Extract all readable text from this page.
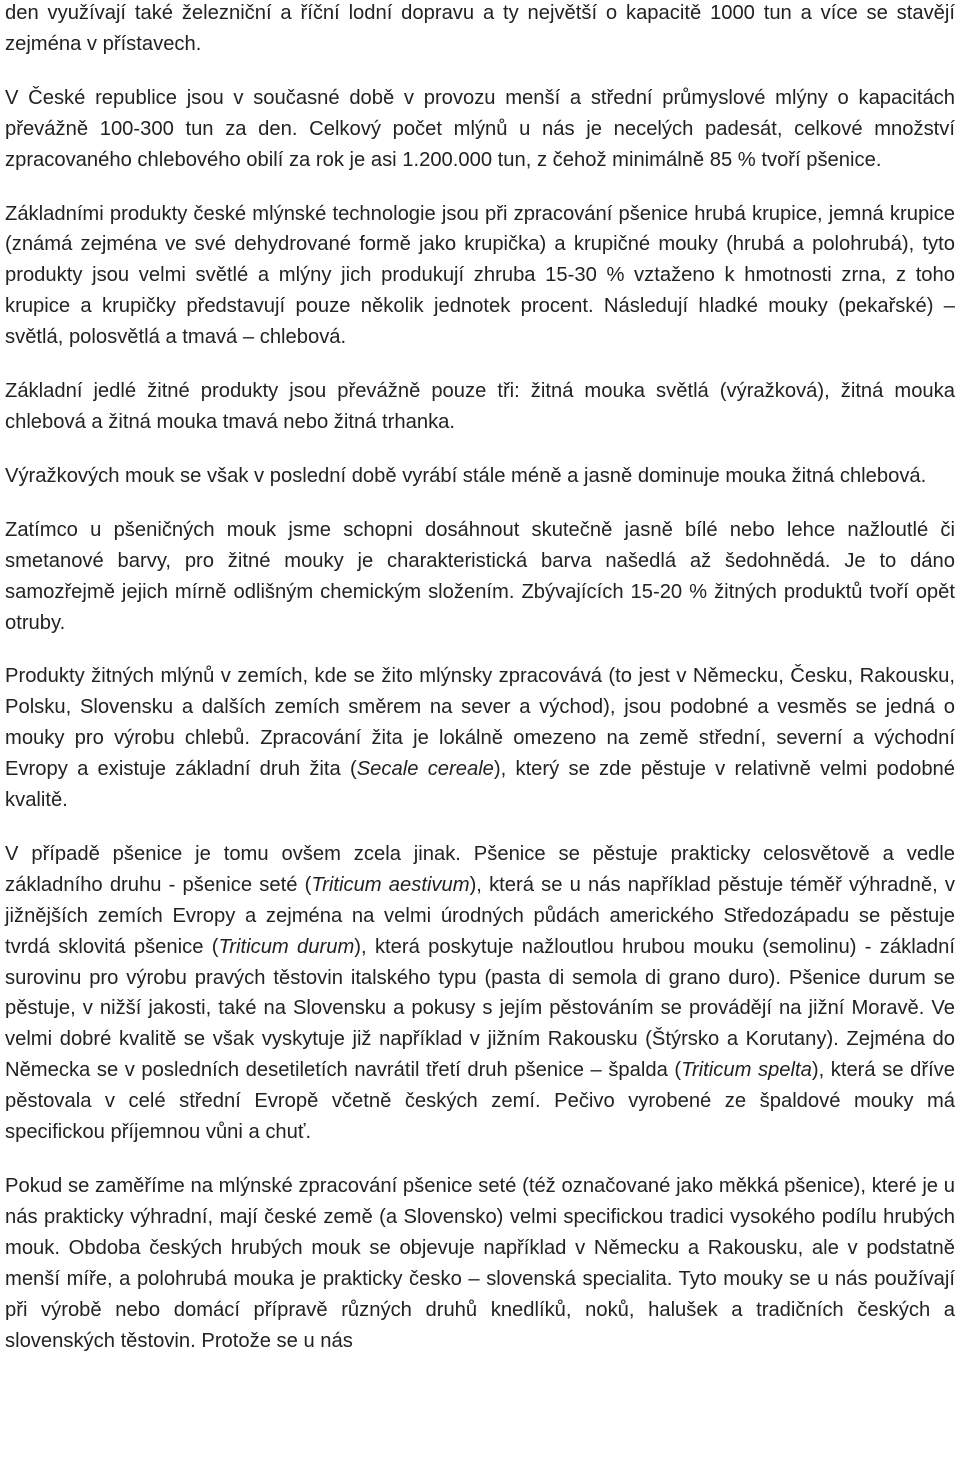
den využívají také železniční a říční lodní dopravu a ty největší o kapacitě 1000 tun a více se stavějí zejména v přístavech.

V České republice jsou v současné době v provozu menší a střední průmyslové mlýny o kapacitách převážně 100-300 tun za den. Celkový počet mlýnů u nás je necelých padesát, celkové množství zpracovaného chlebového obilí za rok je asi 1.200.000 tun, z čehož minimálně 85 % tvoří pšenice.

Základními produkty české mlýnské technologie jsou při zpracování pšenice hrubá krupice, jemná krupice (známá zejména ve své dehydrované formě jako krupička) a krupičné mouky (hrubá a polohrubá), tyto produkty jsou velmi světlé a mlýny jich produkují zhruba 15-30 % vztaženo k hmotnosti zrna, z toho krupice a krupičky představují pouze několik jednotek procent. Následují hladké mouky (pekařské) – světlá, polosvětlá a tmavá – chlebová.

Základní jedlé žitné produkty jsou převážně pouze tři: žitná mouka světlá (výražková), žitná mouka chlebová a žitná mouka tmavá nebo žitná trhanka.

Výražkových mouk se však v poslední době vyrábí stále méně a jasně dominuje mouka žitná chlebová.

Zatímco u pšeničných mouk jsme schopni dosáhnout skutečně jasně bílé nebo lehce nažloutlé či smetanové barvy, pro žitné mouky je charakteristická barva našedlá až šedohnědá. Je to dáno samozřejmě jejich mírně odlišným chemickým složením. Zbývajících 15-20 % žitných produktů tvoří opět otruby.

Produkty žitných mlýnů v zemích, kde se žito mlýnsky zpracovává (to jest v Německu, Česku, Rakousku, Polsku, Slovensku a dalších zemích směrem na sever a východ), jsou podobné a vesměs se jedná o mouky pro výrobu chlebů. Zpracování žita je lokálně omezeno na země střední, severní a východní Evropy a existuje základní druh žita (Secale cereale), který se zde pěstuje v relativně velmi podobné kvalitě.

V případě pšenice je tomu ovšem zcela jinak. Pšenice se pěstuje prakticky celosvětově a vedle základního druhu - pšenice seté (Triticum aestivum), která se u nás například pěstuje téměř výhradně, v jižnějších zemích Evropy a zejména na velmi úrodných půdách amerického Středozápadu se pěstuje tvrdá sklovitá pšenice (Triticum durum), která poskytuje nažloutlou hrubou mouku (semolinu) - základní surovinu pro výrobu pravých těstovin italského typu (pasta di semola di grano duro). Pšenice durum se pěstuje, v nižší jakosti, také na Slovensku a pokusy s jejím pěstováním se provádějí na jižní Moravě. Ve velmi dobré kvalitě se však vyskytuje již například v jižním Rakousku (Štýrsko a Korutany). Zejména do Německa se v posledních desetiletích navrátil třetí druh pšenice – špalda (Triticum spelta), která se dříve pěstovala v celé střední Evropě včetně českých zemí. Pečivo vyrobené ze špaldové mouky má specifickou příjemnou vůni a chuť.

Pokud se zaměříme na mlýnské zpracování pšenice seté (též označované jako měkká pšenice), které je u nás prakticky výhradní, mají české země (a Slovensko) velmi specifickou tradici vysokého podílu hrubých mouk. Obdoba českých hrubých mouk se objevuje například v Německu a Rakousku, ale v podstatně menší míře, a polohrubá mouka je prakticky česko – slovenská specialita. Tyto mouky se u nás používají při výrobě nebo domácí přípravě různých druhů knedlíků, noků, halušek a tradičních českých a slovenských těstovin. Protože se u nás
